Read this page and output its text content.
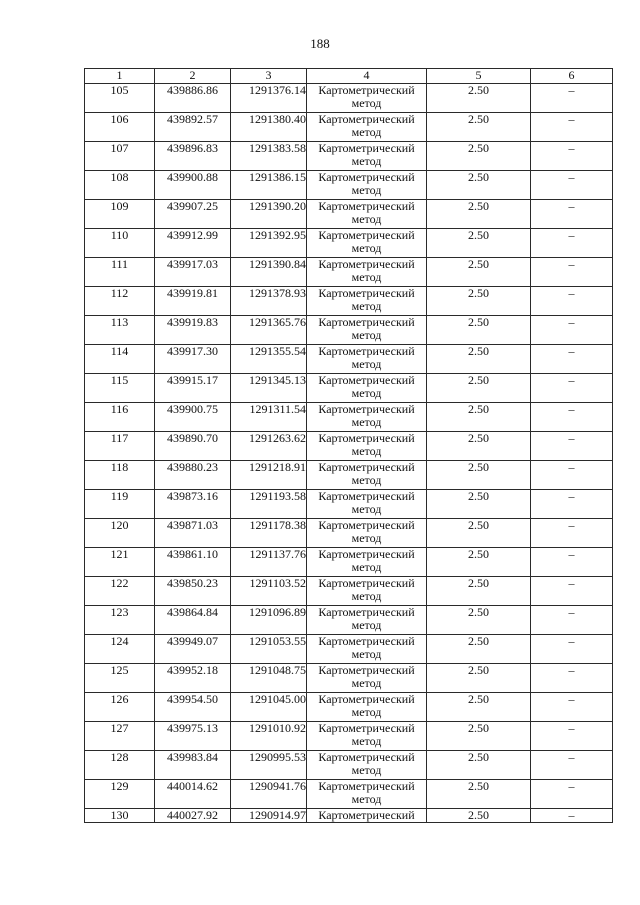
188
1	2	3	4	5	6
105	439886.86	1291376.14	Картометрический метод	2.50	–
106	439892.57	1291380.40	Картометрический метод	2.50	–
107	439896.83	1291383.58	Картометрический метод	2.50	–
108	439900.88	1291386.15	Картометрический метод	2.50	–
109	439907.25	1291390.20	Картометрический метод	2.50	–
110	439912.99	1291392.95	Картометрический метод	2.50	–
111	439917.03	1291390.84	Картометрический метод	2.50	–
112	439919.81	1291378.93	Картометрический метод	2.50	–
113	439919.83	1291365.76	Картометрический метод	2.50	–
114	439917.30	1291355.54	Картометрический метод	2.50	–
115	439915.17	1291345.13	Картометрический метод	2.50	–
116	439900.75	1291311.54	Картометрический метод	2.50	–
117	439890.70	1291263.62	Картометрический метод	2.50	–
118	439880.23	1291218.91	Картометрический метод	2.50	–
119	439873.16	1291193.58	Картометрический метод	2.50	–
120	439871.03	1291178.38	Картометрический метод	2.50	–
121	439861.10	1291137.76	Картометрический метод	2.50	–
122	439850.23	1291103.52	Картометрический метод	2.50	–
123	439864.84	1291096.89	Картометрический метод	2.50	–
124	439949.07	1291053.55	Картометрический метод	2.50	–
125	439952.18	1291048.75	Картометрический метод	2.50	–
126	439954.50	1291045.00	Картометрический метод	2.50	–
127	439975.13	1291010.92	Картометрический метод	2.50	–
128	439983.84	1290995.53	Картометрический метод	2.50	–
129	440014.62	1290941.76	Картометрический метод	2.50	–
130	440027.92	1290914.97	Картометрический	2.50	–
